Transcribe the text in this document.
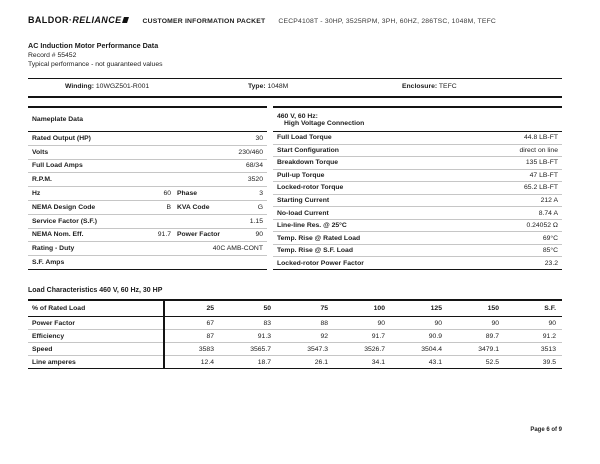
BALDOR·RELIANCE	CUSTOMER INFORMATION PACKET CECP4108T - 30HP, 3525RPM, 3PH, 60HZ, 286TSC, 1048M, TEFC
AC Induction Motor Performance Data
Record # 55452
Typical performance - not guaranteed values
Winding: 10WGZ501-R001	Type: 1048M	Enclosure: TEFC
Nameplate Data
Rated Output (HP)	30
Volts	230/460
Full Load Amps	68/34
R.P.M.	3520
Hz	60 Phase	3
NEMA Design Code	B KVA Code	G
Service Factor (S.F.)	1.15
NEMA Nom. Eff.	91.7 Power Factor	90
Rating - Duty	40C AMB-CONT
S.F. Amps
460 V, 60 Hz:
High Voltage Connection
Full Load Torque	44.8 LB-FT
Start Configuration	direct on line
Breakdown Torque	135 LB-FT
Pull-up Torque	47 LB-FT
Locked-rotor Torque	65.2 LB-FT
Starting Current	212 A
No-load Current	8.74 A
Line-line Res. @ 25°C	0.24052 Ω
Temp. Rise @ Rated Load	69°C
Temp. Rise @ S.F. Load	85°C
Locked-rotor Power Factor	23.2
Load Characteristics 460 V, 60 Hz, 30 HP
% of Rated Load	25	50	75	100	125	150	S.F.
Power Factor	67	83	88	90	90	90	90
Efficiency	87	91.3	92	91.7	90.9	89.7	91.2
Speed	3583	3565.7	3547.3	3526.7	3504.4	3479.1	3513
Line amperes	12.4	18.7	26.1	34.1	43.1	52.5	39.5
Page 6 of 9
